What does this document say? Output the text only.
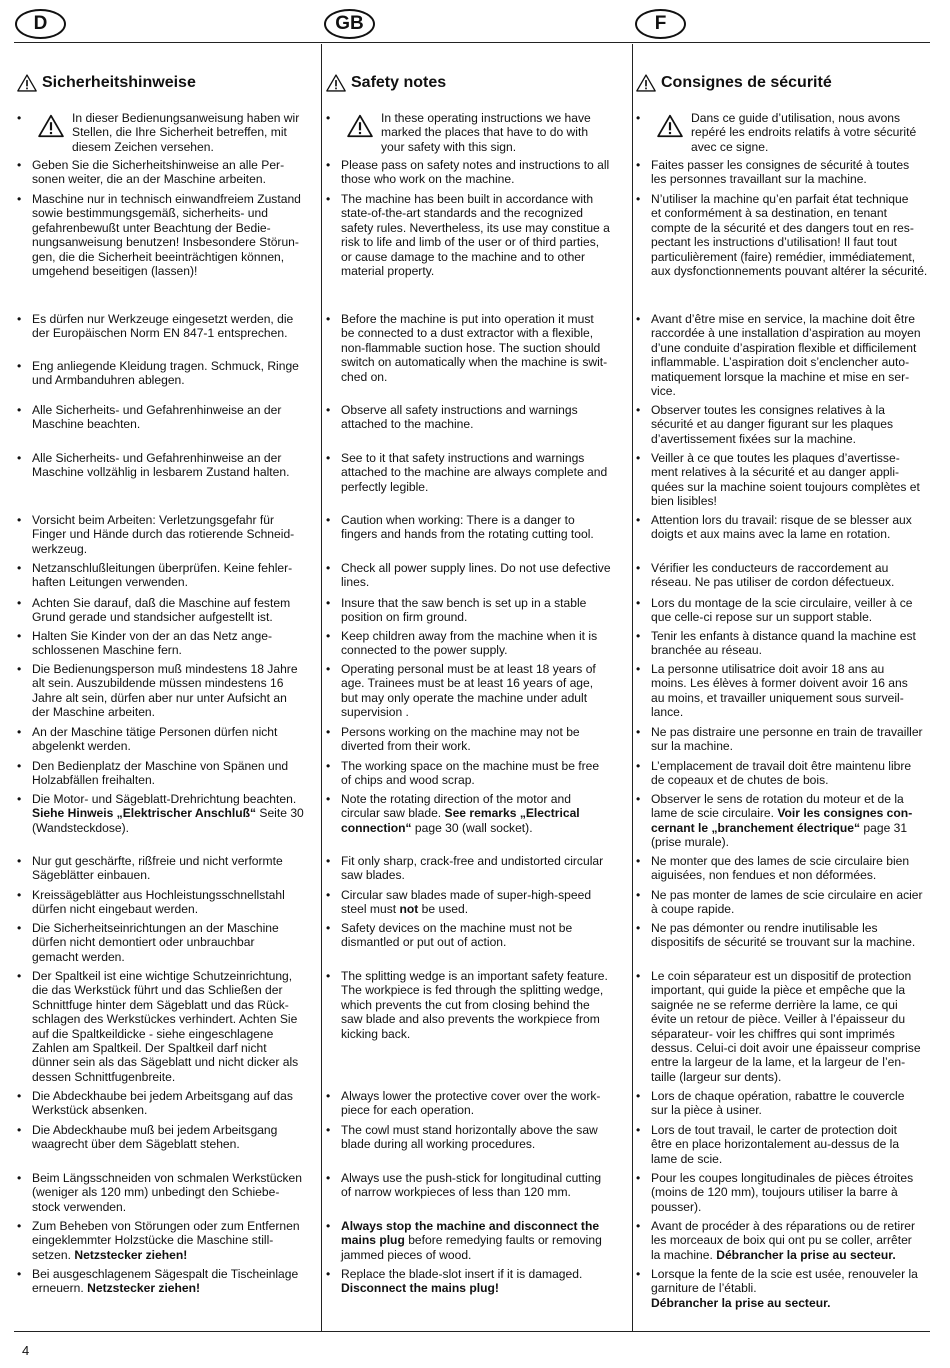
D	GB	F
Sicherheitshinweise
•	In dieser Bedienungsanweisung haben wir
Stellen, die Ihre Sicherheit betreffen, mit
diesem Zeichen versehen.
• Geben Sie die Sicherheitshinweise an alle Per-
sonen weiter, die an der Maschine arbeiten.
• Maschine nur in technisch einwandfreiem Zustand
sowie bestimmungsgemäß, sicherheits- und
gefahrenbewußt unter Beachtung der Bedie-
nungsanweisung benutzen! Insbesondere Störun-
gen, die die Sicherheit beeinträchtigen können,
umgehend beseitigen (lassen)!
• Es dürfen nur Werkzeuge eingesetzt werden, die
der Europäischen Norm EN 847-1 entsprechen.
• Eng anliegende Kleidung tragen. Schmuck, Ringe
und Armbanduhren ablegen.
• Alle Sicherheits- und Gefahrenhinweise an der
Maschine beachten.
• Alle Sicherheits- und Gefahrenhinweise an der
Maschine vollzählig in lesbarem Zustand halten.
• Vorsicht beim Arbeiten: Verletzungsgefahr für
Finger und Hände durch das rotierende Schneid-
werkzeug.
• Netzanschlußleitungen überprüfen. Keine fehler-
haften Leitungen verwenden.
• Achten Sie darauf, daß die Maschine auf festem
Grund gerade und standsicher aufgestellt ist.
• Halten Sie Kinder von der an das Netz ange-
schlossenen Maschine fern.
• Die Bedienungsperson muß mindestens 18 Jahre
alt sein. Auszubildende müssen mindestens 16
Jahre alt sein, dürfen aber nur unter Aufsicht an
der Maschine arbeiten.
• An der Maschine tätige Personen dürfen nicht
abgelenkt werden.
• Den Bedienplatz der Maschine von Spänen und
Holzabfällen freihalten.
• Die Motor- und Sägeblatt-Drehrichtung beachten.
Siehe Hinweis „Elektrischer Anschluß“ Seite 30
(Wandsteckdose).
• Nur gut geschärfte, rißfreie und nicht verformte
Sägeblätter einbauen.
• Kreissägeblätter aus Hochleistungsschnellstahl
dürfen nicht eingebaut werden.
• Die Sicherheitseinrichtungen an der Maschine
dürfen nicht demontiert oder unbrauchbar
gemacht werden.
• Der Spaltkeil ist eine wichtige Schutzeinrichtung,
die das Werkstück führt und das Schließen der
Schnittfuge hinter dem Sägeblatt und das Rück-
schlagen des Werkstückes verhindert. Achten Sie
auf die Spaltkeildicke - siehe eingeschlagene
Zahlen am Spaltkeil. Der Spaltkeil darf nicht
dünner sein als das Sägeblatt und nicht dicker als
dessen Schnittfugenbreite.
• Die Abdeckhaube bei jedem Arbeitsgang auf das
Werkstück absenken.
• Die Abdeckhaube muß bei jedem Arbeitsgang
waagrecht über dem Sägeblatt stehen.
• Beim Längsschneiden von schmalen Werkstücken
(weniger als 120 mm) unbedingt den Schiebe-
stock verwenden.
• Zum Beheben von Störungen oder zum Entfernen
eingeklemmter Holzstücke die Maschine still-
setzen. Netzstecker ziehen!
• Bei ausgeschlagenem Sägespalt die Tischeinlage
erneuern. Netzstecker ziehen!
Safety notes
•	In these operating instructions we have
marked the places that have to do with
your safety with this sign.
• Please pass on safety notes and instructions to all
those who work on the machine.
• The machine has been built in accordance with
state-of-the-art standards and the recognized
safety rules. Nevertheless, its use may constitue a
risk to life and limb of the user or of third parties,
or cause damage to the machine and to other
material property.
• Before the machine is put into operation it must
be connected to a dust extractor with a flexible,
non-flammable suction hose. The suction should
switch on automatically when the machine is swit-
ched on.
• Observe all safety instructions and warnings
attached to the machine.
• See to it that safety instructions and warnings
attached to the machine are always complete and
perfectly legible.
• Caution when working: There is a danger to
fingers and hands from the rotating cutting tool.
• Check all power supply lines. Do not use defective
lines.
• Insure that the saw bench is set up in a stable
position on firm ground.
• Keep children away from the machine when it is
connected to the power supply.
• Operating personal must be at least 18 years of
age. Trainees must be at least 16 years of age,
but may only operate the machine under adult
supervision .
• Persons working on the machine may not be
diverted from their work.
• The working space on the machine must be free
of chips and wood scrap.
• Note the rotating direction of the motor and
circular saw blade. See remarks „Electrical
connection“ page 30 (wall socket).
• Fit only sharp, crack-free and undistorted circular
saw blades.
• Circular saw blades made of super-high-speed
steel must not be used.
• Safety devices on the machine must not be
dismantled or put out of action.
• The splitting wedge is an important safety feature.
The workpiece is fed through the splitting wedge,
which prevents the cut from closing behind the
saw blade and also prevents the workpiece from
kicking back.
• Always lower the protective cover over the work-
piece for each operation.
• The cowl must stand horizontally above the saw
blade during all working procedures.
• Always use the push-stick for longitudinal cutting
of narrow workpieces of less than 120 mm.
• Always stop the machine and disconnect the
mains plug before remedying faults or removing
jammed pieces of wood.
• Replace the blade-slot insert if it is damaged.
Disconnect the mains plug!
Consignes de sécurité
•	Dans ce guide d’utilisation, nous avons
repéré les endroits relatifs à votre sécurité
avec ce signe.
• Faites passer les consignes de sécurité à toutes
les personnes travaillant sur la machine.
• N’utiliser la machine qu’en parfait état technique
et conformément à sa destination, en tenant
compte de la sécurité et des dangers tout en res-
pectant les instructions d’utilisation! Il faut tout
particulièrement (faire) remédier, immédiatement,
aux dysfonctionnements pouvant altérer la sécurité.
• Avant d’être mise en service, la machine doit être
raccordée à une installation d’aspiration au moyen
d’une conduite d’aspiration flexible et difficilement
inflammable. L’aspiration doit s’enclencher auto-
matiquement lorsque la machine et mise en ser-
vice.
• Observer toutes les consignes relatives à la
sécurité et au danger figurant sur les plaques
d’avertissement fixées sur la machine.
• Veiller à ce que toutes les plaques d’avertisse-
ment relatives à la sécurité et au danger appli-
quées sur la machine soient toujours complètes et
bien lisibles!
• Attention lors du travail: risque de se blesser aux
doigts et aux mains avec la lame en rotation.
• Vérifier les conducteurs de raccordement au
réseau. Ne pas utiliser de cordon défectueux.
• Lors du montage de la scie circulaire, veiller à ce
que celle-ci repose sur un support stable.
• Tenir les enfants à distance quand la machine est
branchée au réseau.
• La personne utilisatrice doit avoir 18 ans au
moins. Les élèves à former doivent avoir 16 ans
au moins, et travailler uniquement sous surveil-
lance.
• Ne pas distraire une personne en train de travailler
sur la machine.
• L’emplacement de travail doit être maintenu libre
de copeaux et de chutes de bois.
• Observer le sens de rotation du moteur et de la
lame de scie circulaire. Voir les consignes con-
cernant le „branchement électrique“ page 31
(prise murale).
• Ne monter que des lames de scie circulaire bien
aiguisées, non fendues et non déformées.
• Ne pas monter de lames de scie circulaire en acier
à coupe rapide.
• Ne pas démonter ou rendre inutilisable les
dispositifs de sécurité se trouvant sur la machine.
• Le coin séparateur est un dispositif de protection
important, qui guide la pièce et empêche que la
saignée ne se referme derrière la lame, ce qui
évite un retour de pièce. Veiller à l’épaisseur du
séparateur- voir les chiffres qui sont imprimés
dessus. Celui-ci doit avoir une épaisseur comprise
entre la largeur de la lame, et la largeur de l’en-
taille (largeur sur dents).
• Lors de chaque opération, rabattre le couvercle
sur la pièce à usiner.
• Lors de tout travail, le carter de protection doit
être en place horizontalement au-dessus de la
lame de scie.
• Pour les coupes longitudinales de pièces étroites
(moins de 120 mm), toujours utiliser la barre à
pousser).
• Avant de procéder à des réparations ou de retirer
les morceaux de boix qui ont pu se coller, arrêter
la machine. Débrancher la prise au secteur.
• Lorsque la fente de la scie est usée, renouveler la
garniture de l’établi.
Débrancher la prise au secteur.
4
